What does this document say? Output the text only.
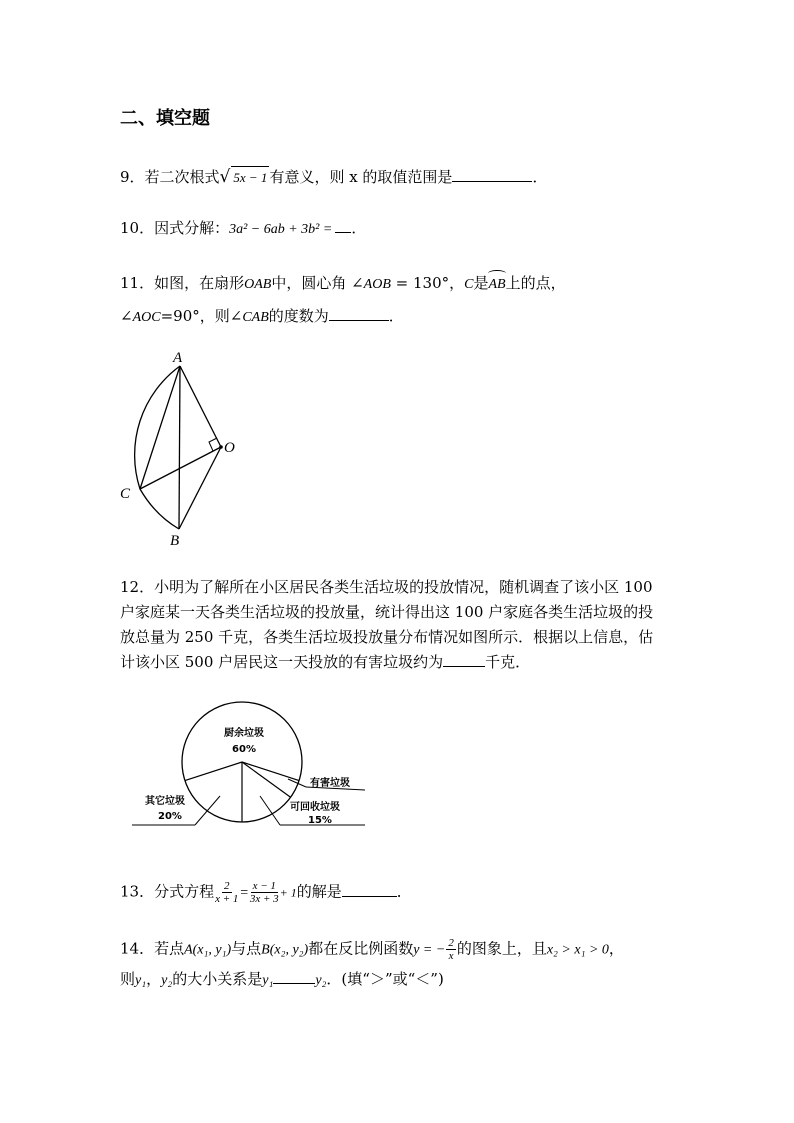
二、填空题
9．若二次根式√ 5x − 1 有意义，则 x 的取值范围是	．
10．因式分解：3a² − 6ab + 3b² = ．
11．如图，在扇形OAB中，圆心角 ∠AOB = 130°，C是AB上的点，
∠AOC=90°，则∠CAB的度数为	．
A
O
C
B
12．小明为了解所在小区居民各类生活垃圾的投放情况，随机调查了该小区 100
户家庭某一天各类生活垃圾的投放量，统计得出这 100 户家庭各类生活垃圾的投
放总量为 250 千克，各类生活垃圾投放量分布情况如图所示．根据以上信息，估
计该小区 500 户居民这一天投放的有害垃圾约为	千克．
厨余垃圾
60%
有害垃圾
可回收垃圾
15%
其它垃圾
20%
13．分式方程 $\frac{2}{x + 1} = \frac{x - 1}{3x + 3} + 1$的解是	．
14．若点A(x₁, y₁)与点B(x₂, y₂)都在反比例函数y = − $\frac{2}{x}$ 的图象上，且x₂ > x₁ > 0，
则y₁，y₂的大小关系是y₁	y₂．(填“＞”或“＜”)
